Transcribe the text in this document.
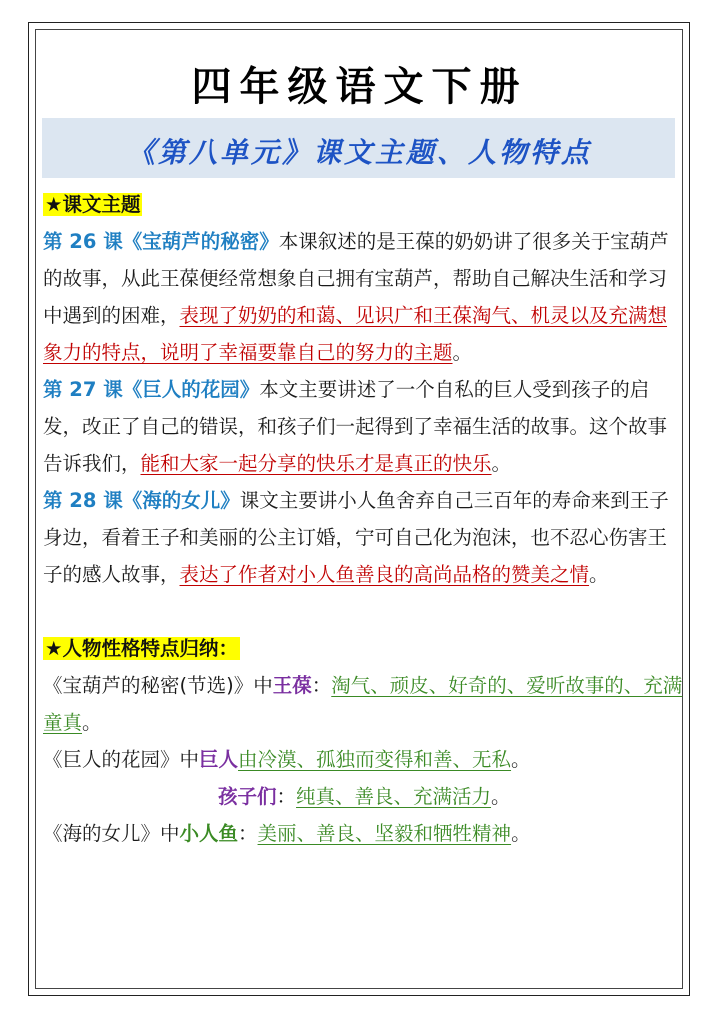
四年级语文下册
《第八单元》课文主题、人物特点

★课文主题

第 26 课《宝葫芦的秘密》本课叙述的是王葆的奶奶讲了很多关于宝葫芦的故事，从此王葆便经常想象自己拥有宝葫芦，帮助自己解决生活和学习中遇到的困难，表现了奶奶的和蔼、见识广和王葆淘气、机灵以及充满想象力的特点，说明了幸福要靠自己的努力的主题。

第 27 课《巨人的花园》本文主要讲述了一个自私的巨人受到孩子的启发，改正了自己的错误，和孩子们一起得到了幸福生活的故事。这个故事告诉我们，能和大家一起分享的快乐才是真正的快乐。

第 28 课《海的女儿》课文主要讲小人鱼舍弃自己三百年的寿命来到王子身边，看着王子和美丽的公主订婚，宁可自己化为泡沫，也不忍心伤害王子的感人故事，表达了作者对小人鱼善良的高尚品格的赞美之情。

★人物性格特点归纳：

《宝葫芦的秘密(节选)》中王葆：淘气、顽皮、好奇的、爱听故事的、充满童真。

《巨人的花园》中巨人由冷漠、孤独而变得和善、无私。

孩子们：纯真、善良、充满活力。

《海的女儿》中小人鱼：美丽、善良、坚毅和牺牲精神。
